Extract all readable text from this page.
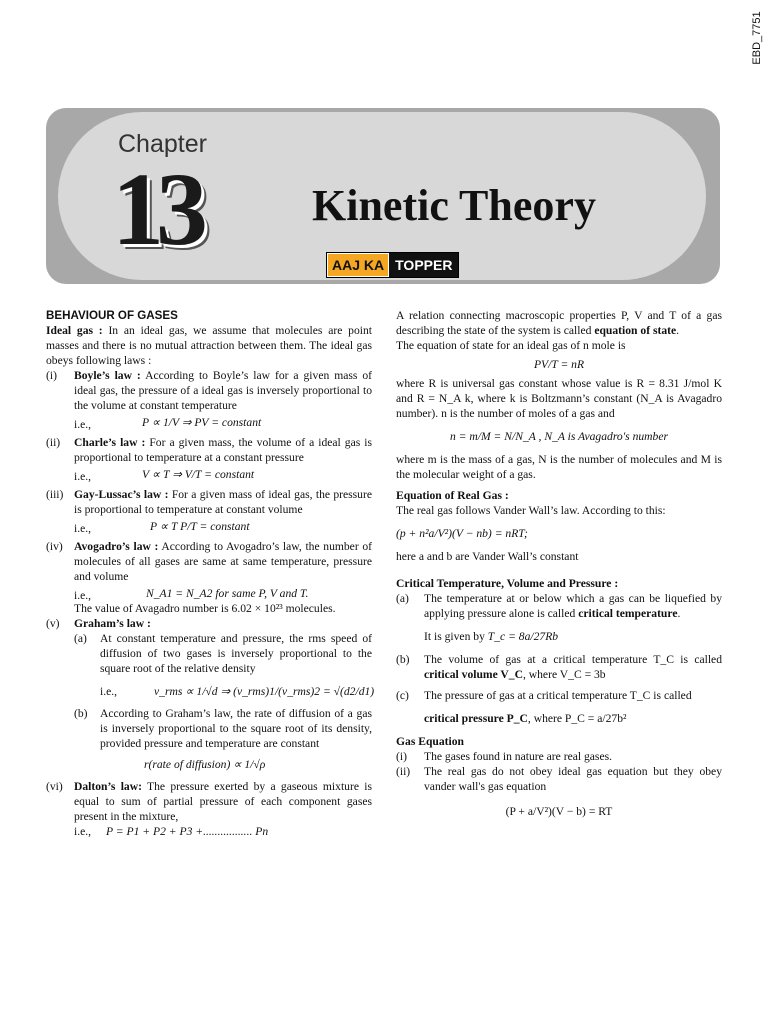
EBD_7751
Chapter
13	Kinetic Theory
AAJ KA TOPPER

BEHAVIOUR OF GASES

Ideal gas : In an ideal gas, we assume that molecules are point masses and there is no mutual attraction between them. The ideal gas obeys following laws :

(i) Boyle’s law : According to Boyle’s law for a given mass of ideal gas, the pressure of a ideal gas is inversely proportional to the volume at constant temperature

i.e.,	P ∝ 1/V ⇒ PV = constant
(ii) Charle’s law : For a given mass, the volume of a ideal gas is proportional to temperature at a constant pressure

i.e.,	V ∝ T ⇒ V/T = constant
(iii) Gay-Lussac’s law : For a given mass of ideal gas, the pressure is proportional to temperature at constant volume

i.e.,	P ∝ T P/T = constant
(iv) Avogadro’s law : According to Avogadro’s law, the number of molecules of all gases are same at same temperature, pressure and volume

i.e.,	N_A1 = N_A2 for same P, V and T.

The value of Avagadro number is 6.02 × 10²³ molecules.

(v) Graham’s law :

(a) At constant temperature and pressure, the rms speed of diffusion of two gases is inversely proportional to the square root of the relative density

i.e.,	v_rms ∝ 1/√d ⇒ (v_rms)1/(v_rms)2 = √(d2/d1)
(b) According to Graham’s law, the rate of diffusion of a gas is inversely proportional to the square root of its density, provided pressure and temperature are constant

r(rate of diffusion) ∝ 1/√ρ
(vi) Dalton’s law: The pressure exerted by a gaseous mixture is equal to sum of partial pressure of each component gases present in the mixture,

i.e., P = P1 + P2 + P3 +................. Pn

A relation connecting macroscopic properties P, V and T of a gas describing the state of the system is called equation of state.

The equation of state for an ideal gas of n mole is

PV/T = nR

where R is universal gas constant whose value is R = 8.31 J/mol K and R = N_A k, where k is Boltzmann’s constant (N_A is Avagadro number). n is the number of moles of a gas and

n = m/M = N/N_A , N_A is Avagadro's number

where m is the mass of a gas, N is the number of molecules and M is the molecular weight of a gas.

Equation of Real Gas :

The real gas follows Vander Wall’s law. According to this:

(p + n²a/V²)(V − nb) = nRT;

here a and b are Vander Wall’s constant

Critical Temperature, Volume and Pressure :

(a) The temperature at or below which a gas can be liquefied by applying pressure alone is called critical temperature.

It is given by T_c = 8a/27Rb

(b) The volume of gas at a critical temperature T_C is called critical volume V_C, where V_C = 3b

(c) The pressure of gas at a critical temperature T_C is called

critical pressure P_C, where P_C = a/27b²

Gas Equation

(i) The gases found in nature are real gases.

(ii) The real gas do not obey ideal gas equation but they obey vander wall's gas equation

(P + a/V²)(V − b) = RT
